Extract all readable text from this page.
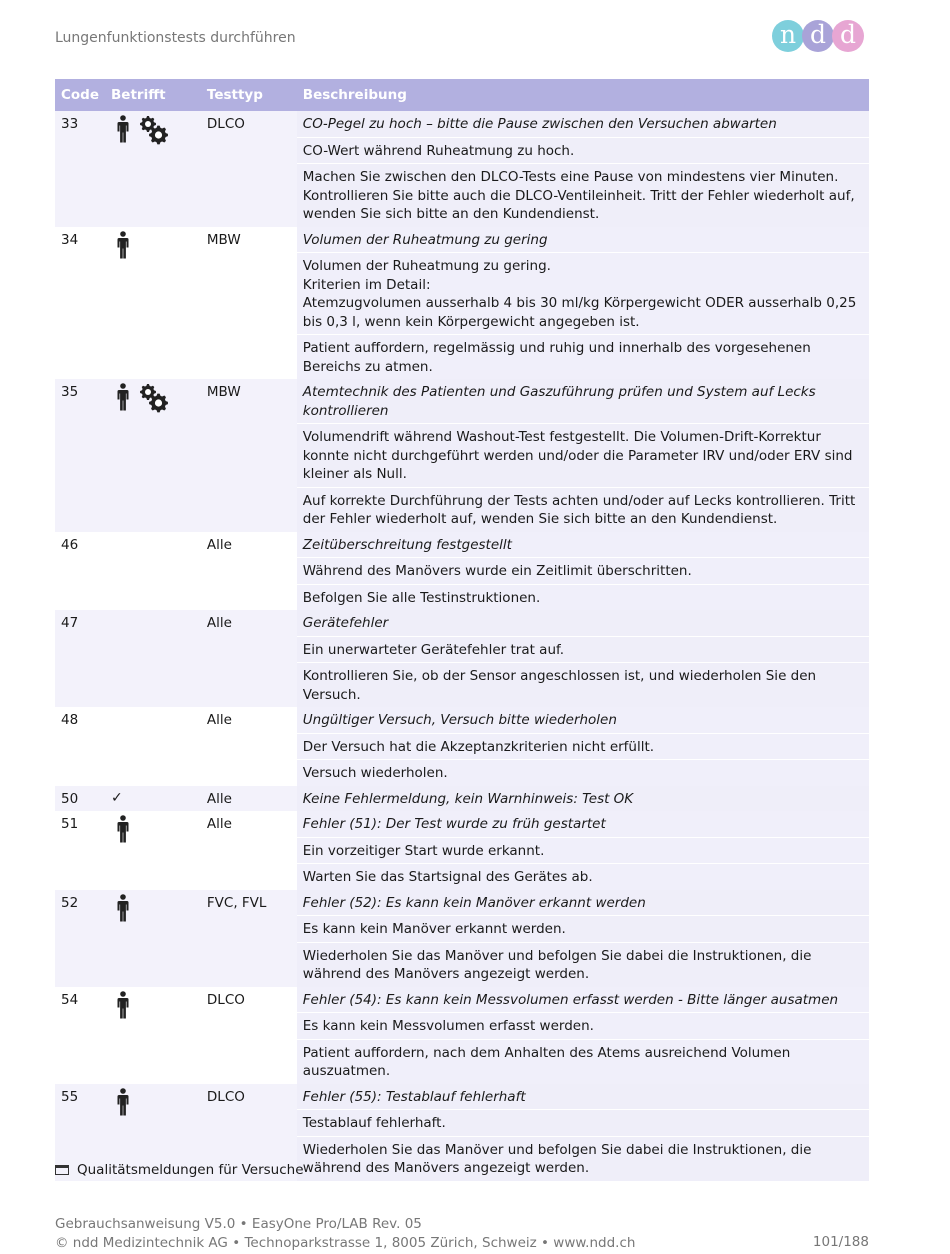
Lungenfunktionstests durchführen	n d d
Code	Betrifft	Testtyp	Beschreibung
33		DLCO	CO-Pegel zu hoch – bitte die Pause zwischen den Versuchen abwarten
			CO-Wert während Ruheatmung zu hoch.
			Machen Sie zwischen den DLCO-Tests eine Pause von mindestens vier Minuten. Kontrollieren Sie bitte auch die DLCO-Ventileinheit. Tritt der Fehler wiederholt auf, wenden Sie sich bitte an den Kundendienst.
34		MBW	Volumen der Ruheatmung zu gering
			Volumen der Ruheatmung zu gering.
Kriterien im Detail:
Atemzugvolumen ausserhalb 4 bis 30 ml/kg Körpergewicht ODER ausserhalb 0,25 bis 0,3 l, wenn kein Körpergewicht angegeben ist.
			Patient auffordern, regelmässig und ruhig und innerhalb des vorgesehenen Bereichs zu atmen.
35		MBW	Atemtechnik des Patienten und Gaszuführung prüfen und System auf Lecks kontrollieren
			Volumendrift während Washout-Test festgestellt. Die Volumen-Drift-Korrektur konnte nicht durchgeführt werden und/oder die Parameter IRV und/oder ERV sind kleiner als Null.
			Auf korrekte Durchführung der Tests achten und/oder auf Lecks kontrollieren. Tritt der Fehler wiederholt auf, wenden Sie sich bitte an den Kundendienst.
46		Alle	Zeitüberschreitung festgestellt
			Während des Manövers wurde ein Zeitlimit überschritten.
			Befolgen Sie alle Testinstruktionen.
47		Alle	Gerätefehler
			Ein unerwarteter Gerätefehler trat auf.
			Kontrollieren Sie, ob der Sensor angeschlossen ist, und wiederholen Sie den Versuch.
48		Alle	Ungültiger Versuch, Versuch bitte wiederholen
			Der Versuch hat die Akzeptanzkriterien nicht erfüllt.
			Versuch wiederholen.
50	✓	Alle	Keine Fehlermeldung, kein Warnhinweis: Test OK
51		Alle	Fehler (51): Der Test wurde zu früh gestartet
			Ein vorzeitiger Start wurde erkannt.
			Warten Sie das Startsignal des Gerätes ab.
52		FVC, FVL	Fehler (52): Es kann kein Manöver erkannt werden
			Es kann kein Manöver erkannt werden.
			Wiederholen Sie das Manöver und befolgen Sie dabei die Instruktionen, die während des Manövers angezeigt werden.
54		DLCO	Fehler (54): Es kann kein Messvolumen erfasst werden - Bitte länger ausatmen
			Es kann kein Messvolumen erfasst werden.
			Patient auffordern, nach dem Anhalten des Atems ausreichend Volumen auszuatmen.
55		DLCO	Fehler (55): Testablauf fehlerhaft
			Testablauf fehlerhaft.
			Wiederholen Sie das Manöver und befolgen Sie dabei die Instruktionen, die während des Manövers angezeigt werden.
Qualitätsmeldungen für Versuche
Gebrauchsanweisung V5.0 • EasyOne Pro/LAB Rev. 05
© ndd Medizintechnik AG • Technoparkstrasse 1, 8005 Zürich, Schweiz • www.ndd.ch	101/188
